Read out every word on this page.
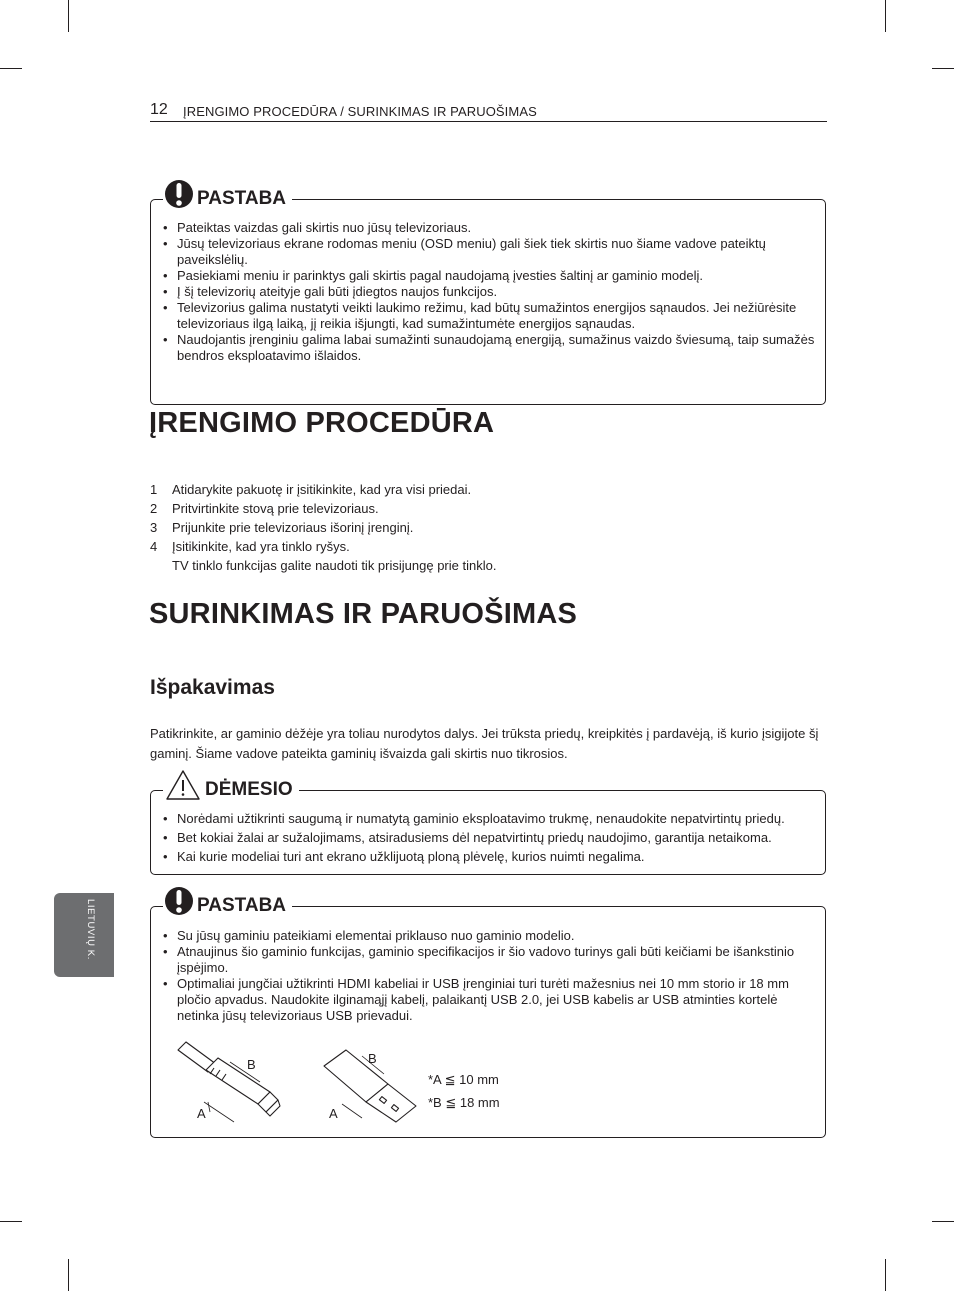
12 ĮRENGIMO PROCEDŪRA / SURINKIMAS IR PARUOŠIMAS
PASTABA
• Pateiktas vaizdas gali skirtis nuo jūsų televizoriaus.
• Jūsų televizoriaus ekrane rodomas meniu (OSD meniu) gali šiek tiek skirtis nuo šiame vadove pateiktų paveikslėlių.
• Pasiekiami meniu ir parinktys gali skirtis pagal naudojamą įvesties šaltinį ar gaminio modelį.
• Į šį televizorių ateityje gali būti įdiegtos naujos funkcijos.
• Televizorius galima nustatyti veikti laukimo režimu, kad būtų sumažintos energijos sąnaudos. Jei nežiūrėsite televizoriaus ilgą laiką, jį reikia išjungti, kad sumažintumėte energijos sąnaudas.
• Naudojantis įrenginiu galima labai sumažinti sunaudojamą energiją, sumažinus vaizdo šviesumą, taip sumažės bendros eksploatavimo išlaidos.
ĮRENGIMO PROCEDŪRA
1 Atidarykite pakuotę ir įsitikinkite, kad yra visi priedai.
2 Pritvirtinkite stovą prie televizoriaus.
3 Prijunkite prie televizoriaus išorinį įrenginį.
4 Įsitikinkite, kad yra tinklo ryšys.
TV tinklo funkcijas galite naudoti tik prisijungę prie tinklo.
SURINKIMAS IR PARUOŠIMAS
Išpakavimas

Patikrinkite, ar gaminio dėžėje yra toliau nurodytos dalys. Jei trūksta priedų, kreipkitės į pardavėją, iš kurio įsigijote šį gaminį. Šiame vadove pateikta gaminių išvaizda gali skirtis nuo tikrosios.

DĖMESIO
• Norėdami užtikrinti saugumą ir numatytą gaminio eksploatavimo trukmę, nenaudokite nepatvirtintų priedų.
• Bet kokiai žalai ar sužalojimams, atsiradusiems dėl nepatvirtintų priedų naudojimo, garantija netaikoma.
• Kai kurie modeliai turi ant ekrano užklijuotą ploną plėvelę, kurios nuimti negalima.
PASTABA
• Su jūsų gaminiu pateikiami elementai priklauso nuo gaminio modelio.
• Atnaujinus šio gaminio funkcijas, gaminio specifikacijos ir šio vadovo turinys gali būti keičiami be išankstinio įspėjimo.
• Optimaliai jungčiai užtikrinti HDMI kabeliai ir USB įrenginiai turi turėti mažesnius nei 10 mm storio ir 18 mm pločio apvadus. Naudokite ilginamąjį kabelį, palaikantį USB 2.0, jei USB kabelis ar USB atminties kortelė netinka jūsų televizoriaus USB prievadui.
B
A
B
A
*A ≦ 10 mm
*B ≦ 18 mm
LIETUVIŲ K.
